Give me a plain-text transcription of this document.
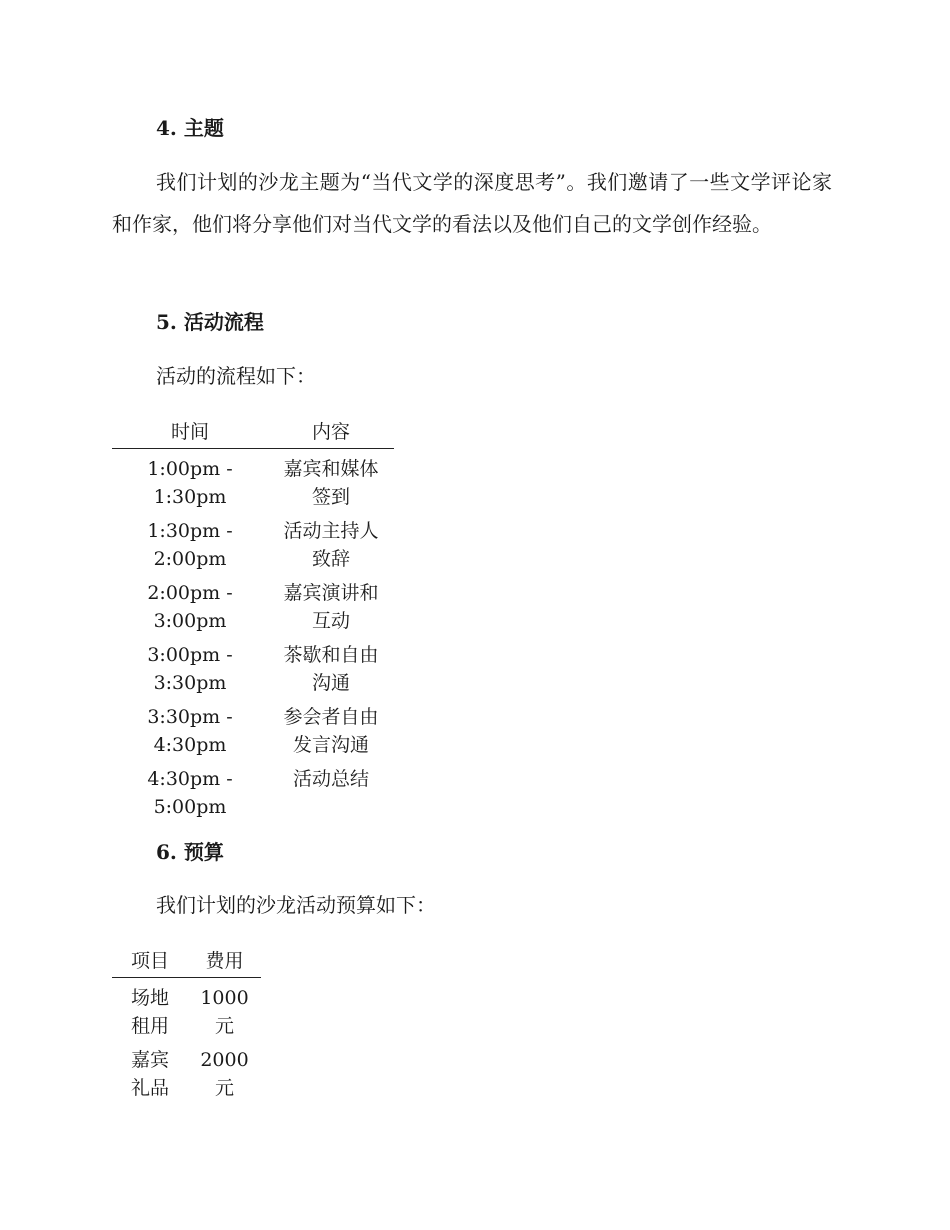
4. 主题
我们计划的沙龙主题为“当代文学的深度思考”。我们邀请了一些文学评论家和作家，他们将分享他们对当代文学的看法以及他们自己的文学创作经验。
5. 活动流程
活动的流程如下：
时间	内容
1:00pm - 1:30pm	嘉宾和媒体签到
1:30pm - 2:00pm	活动主持人致辞
2:00pm - 3:00pm	嘉宾演讲和互动
3:00pm - 3:30pm	茶歇和自由沟通
3:30pm - 4:30pm	参会者自由发言沟通
4:30pm - 5:00pm	活动总结
6. 预算
我们计划的沙龙活动预算如下：
项目	费用
场地租用	1000元
嘉宾礼品	2000元
